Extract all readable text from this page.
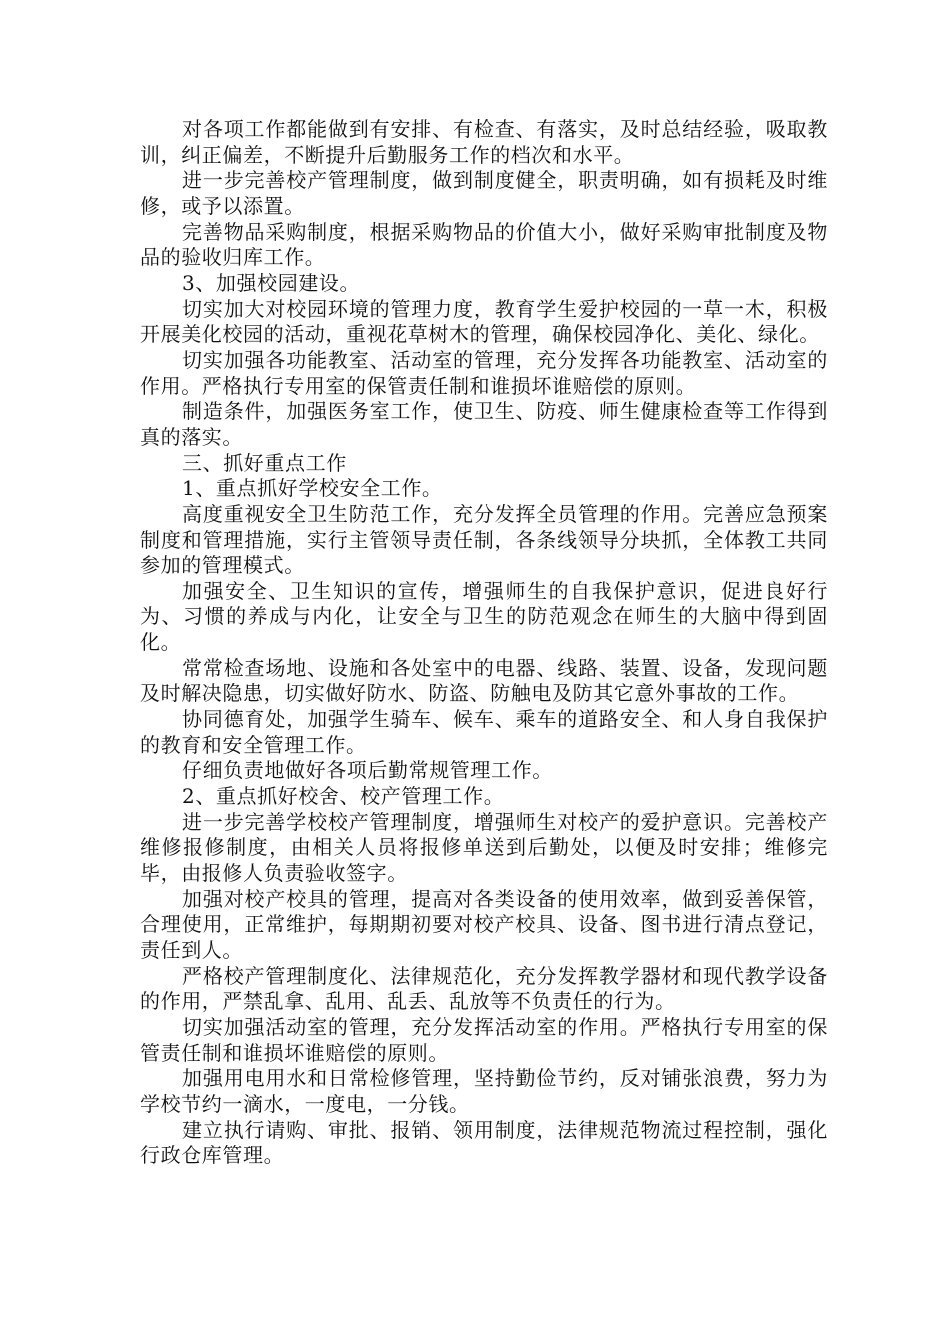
对各项工作都能做到有安排、有检查、有落实，及时总结经验，吸取教训，纠正偏差，不断提升后勤服务工作的档次和水平。

进一步完善校产管理制度，做到制度健全，职责明确，如有损耗及时维修，或予以添置。

完善物品采购制度，根据采购物品的价值大小，做好采购审批制度及物品的验收归库工作。

3、加强校园建设。

切实加大对校园环境的管理力度，教育学生爱护校园的一草一木，积极开展美化校园的活动，重视花草树木的管理，确保校园净化、美化、绿化。

切实加强各功能教室、活动室的管理，充分发挥各功能教室、活动室的作用。严格执行专用室的保管责任制和谁损坏谁赔偿的原则。

制造条件，加强医务室工作，使卫生、防疫、师生健康检查等工作得到真的落实。

三、抓好重点工作

1、重点抓好学校安全工作。

高度重视安全卫生防范工作，充分发挥全员管理的作用。完善应急预案制度和管理措施，实行主管领导责任制，各条线领导分块抓，全体教工共同参加的管理模式。

加强安全、卫生知识的宣传，增强师生的自我保护意识，促进良好行为、习惯的养成与内化，让安全与卫生的防范观念在师生的大脑中得到固化。

常常检查场地、设施和各处室中的电器、线路、装置、设备，发现问题及时解决隐患，切实做好防水、防盗、防触电及防其它意外事故的工作。

协同德育处，加强学生骑车、候车、乘车的道路安全、和人身自我保护的教育和安全管理工作。

仔细负责地做好各项后勤常规管理工作。

2、重点抓好校舍、校产管理工作。

进一步完善学校校产管理制度，增强师生对校产的爱护意识。完善校产维修报修制度，由相关人员将报修单送到后勤处，以便及时安排；维修完毕，由报修人负责验收签字。

加强对校产校具的管理，提高对各类设备的使用效率，做到妥善保管，合理使用，正常维护，每期期初要对校产校具、设备、图书进行清点登记，责任到人。

严格校产管理制度化、法律规范化，充分发挥教学器材和现代教学设备的作用，严禁乱拿、乱用、乱丢、乱放等不负责任的行为。

切实加强活动室的管理，充分发挥活动室的作用。严格执行专用室的保管责任制和谁损坏谁赔偿的原则。

加强用电用水和日常检修管理，坚持勤俭节约，反对铺张浪费，努力为学校节约一滴水，一度电，一分钱。

建立执行请购、审批、报销、领用制度，法律规范物流过程控制，强化行政仓库管理。
